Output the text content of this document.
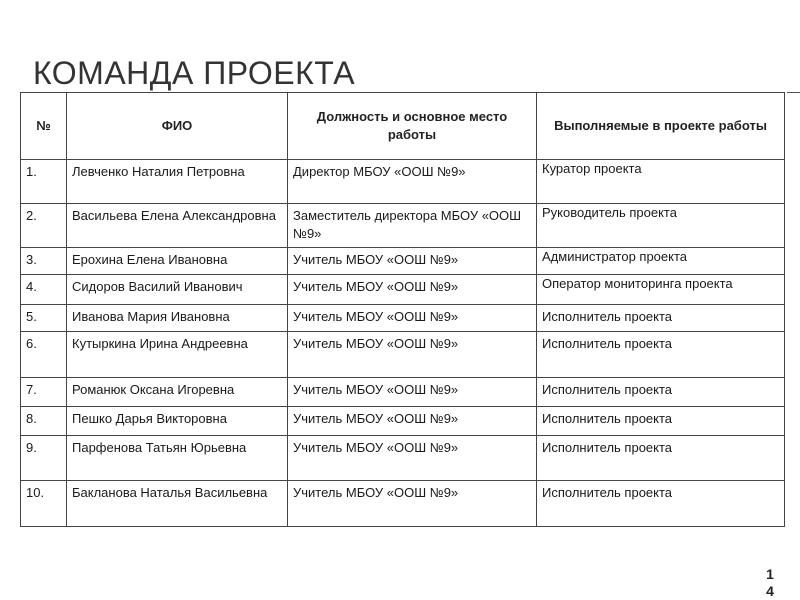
КОМАНДА ПРОЕКТА
№	ФИО	Должность и основное место работы	Выполняемые в проекте работы
1.	Левченко Наталия Петровна	Директор МБОУ «ООШ №9»	Куратор проекта
2.	Васильева Елена Александровна	Заместитель директора МБОУ «ООШ №9»	Руководитель проекта
3.	Ерохина Елена Ивановна	Учитель МБОУ «ООШ №9»	Администратор проекта
4.	Сидоров Василий Иванович	Учитель МБОУ «ООШ №9»	Оператор мониторинга проекта
5.	Иванова Мария Ивановна	Учитель МБОУ «ООШ №9»	Исполнитель проекта
6.	Кутыркина Ирина Андреевна	Учитель МБОУ «ООШ №9»	Исполнитель проекта
7.	Романюк Оксана Игоревна	Учитель МБОУ «ООШ №9»	Исполнитель проекта
8.	Пешко Дарья Викторовна	Учитель МБОУ «ООШ №9»	Исполнитель проекта
9.	Парфенова Татьян Юрьевна	Учитель МБОУ «ООШ №9»	Исполнитель проекта
10.	Бакланова Наталья Васильевна	Учитель МБОУ «ООШ №9»	Исполнитель проекта
1
4
